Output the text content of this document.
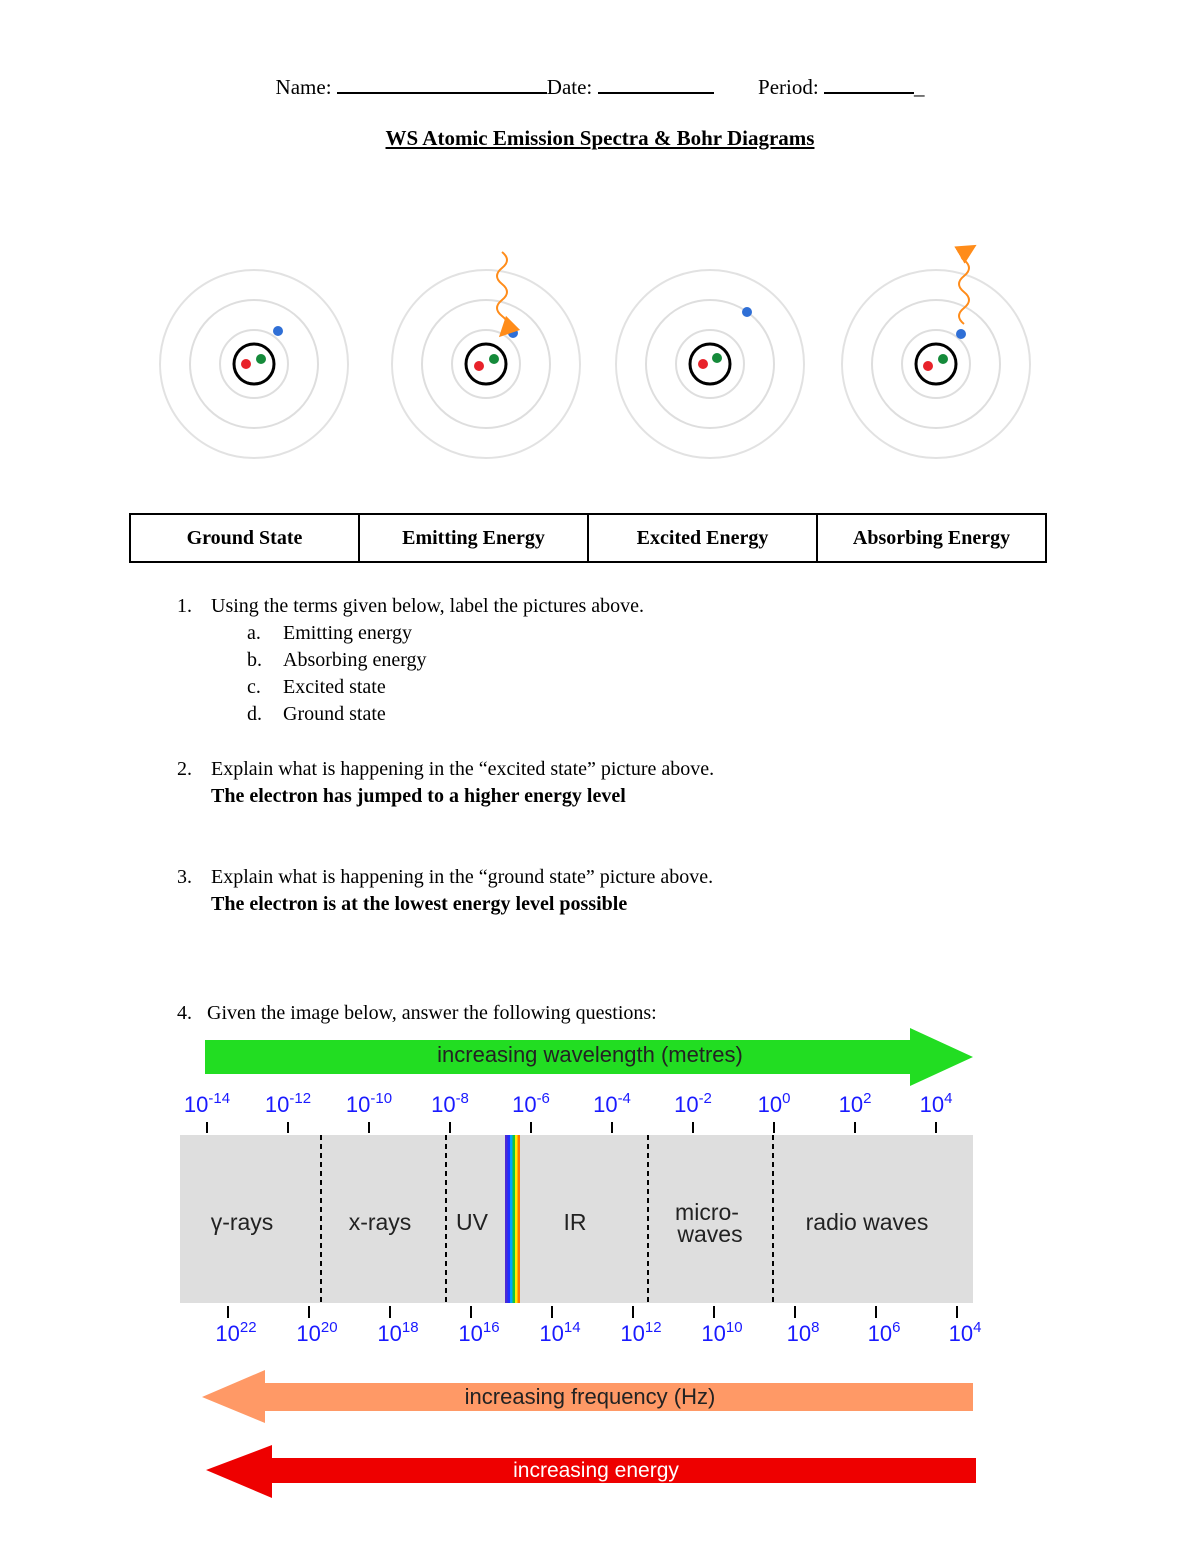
Name:	Date:	Period:	_
WS Atomic Emission Spectra & Bohr Diagrams
Ground State	Emitting Energy	Excited Energy	Absorbing Energy
1. Using the terms given below, label the pictures above.
a. Emitting energy
b. Absorbing energy
c. Excited state
d. Ground state
2. Explain what is happening in the “excited state” picture above.
The electron has jumped to a higher energy level
3. Explain what is happening in the “ground state” picture above.
The electron is at the lowest energy level possible
4. Given the image below, answer the following questions:
increasing wavelength (metres)
$10^{-14}$ $10^{-12}$ $10^{-10}$ $10^{-8}$ $10^{-6}$ $10^{-4}$ $10^{-2}$ $10^0$ $10^2$ $10^4$
γ-rays	x-rays UV	IR	micro-
waves	radio waves
$10^{22}$ $10^{20}$ $10^{18}$ $10^{16}$ $10^{14}$ $10^{12}$ $10^{10}$ $10^8$ $10^6$ $10^4$
increasing frequency (Hz)
increasing energy
